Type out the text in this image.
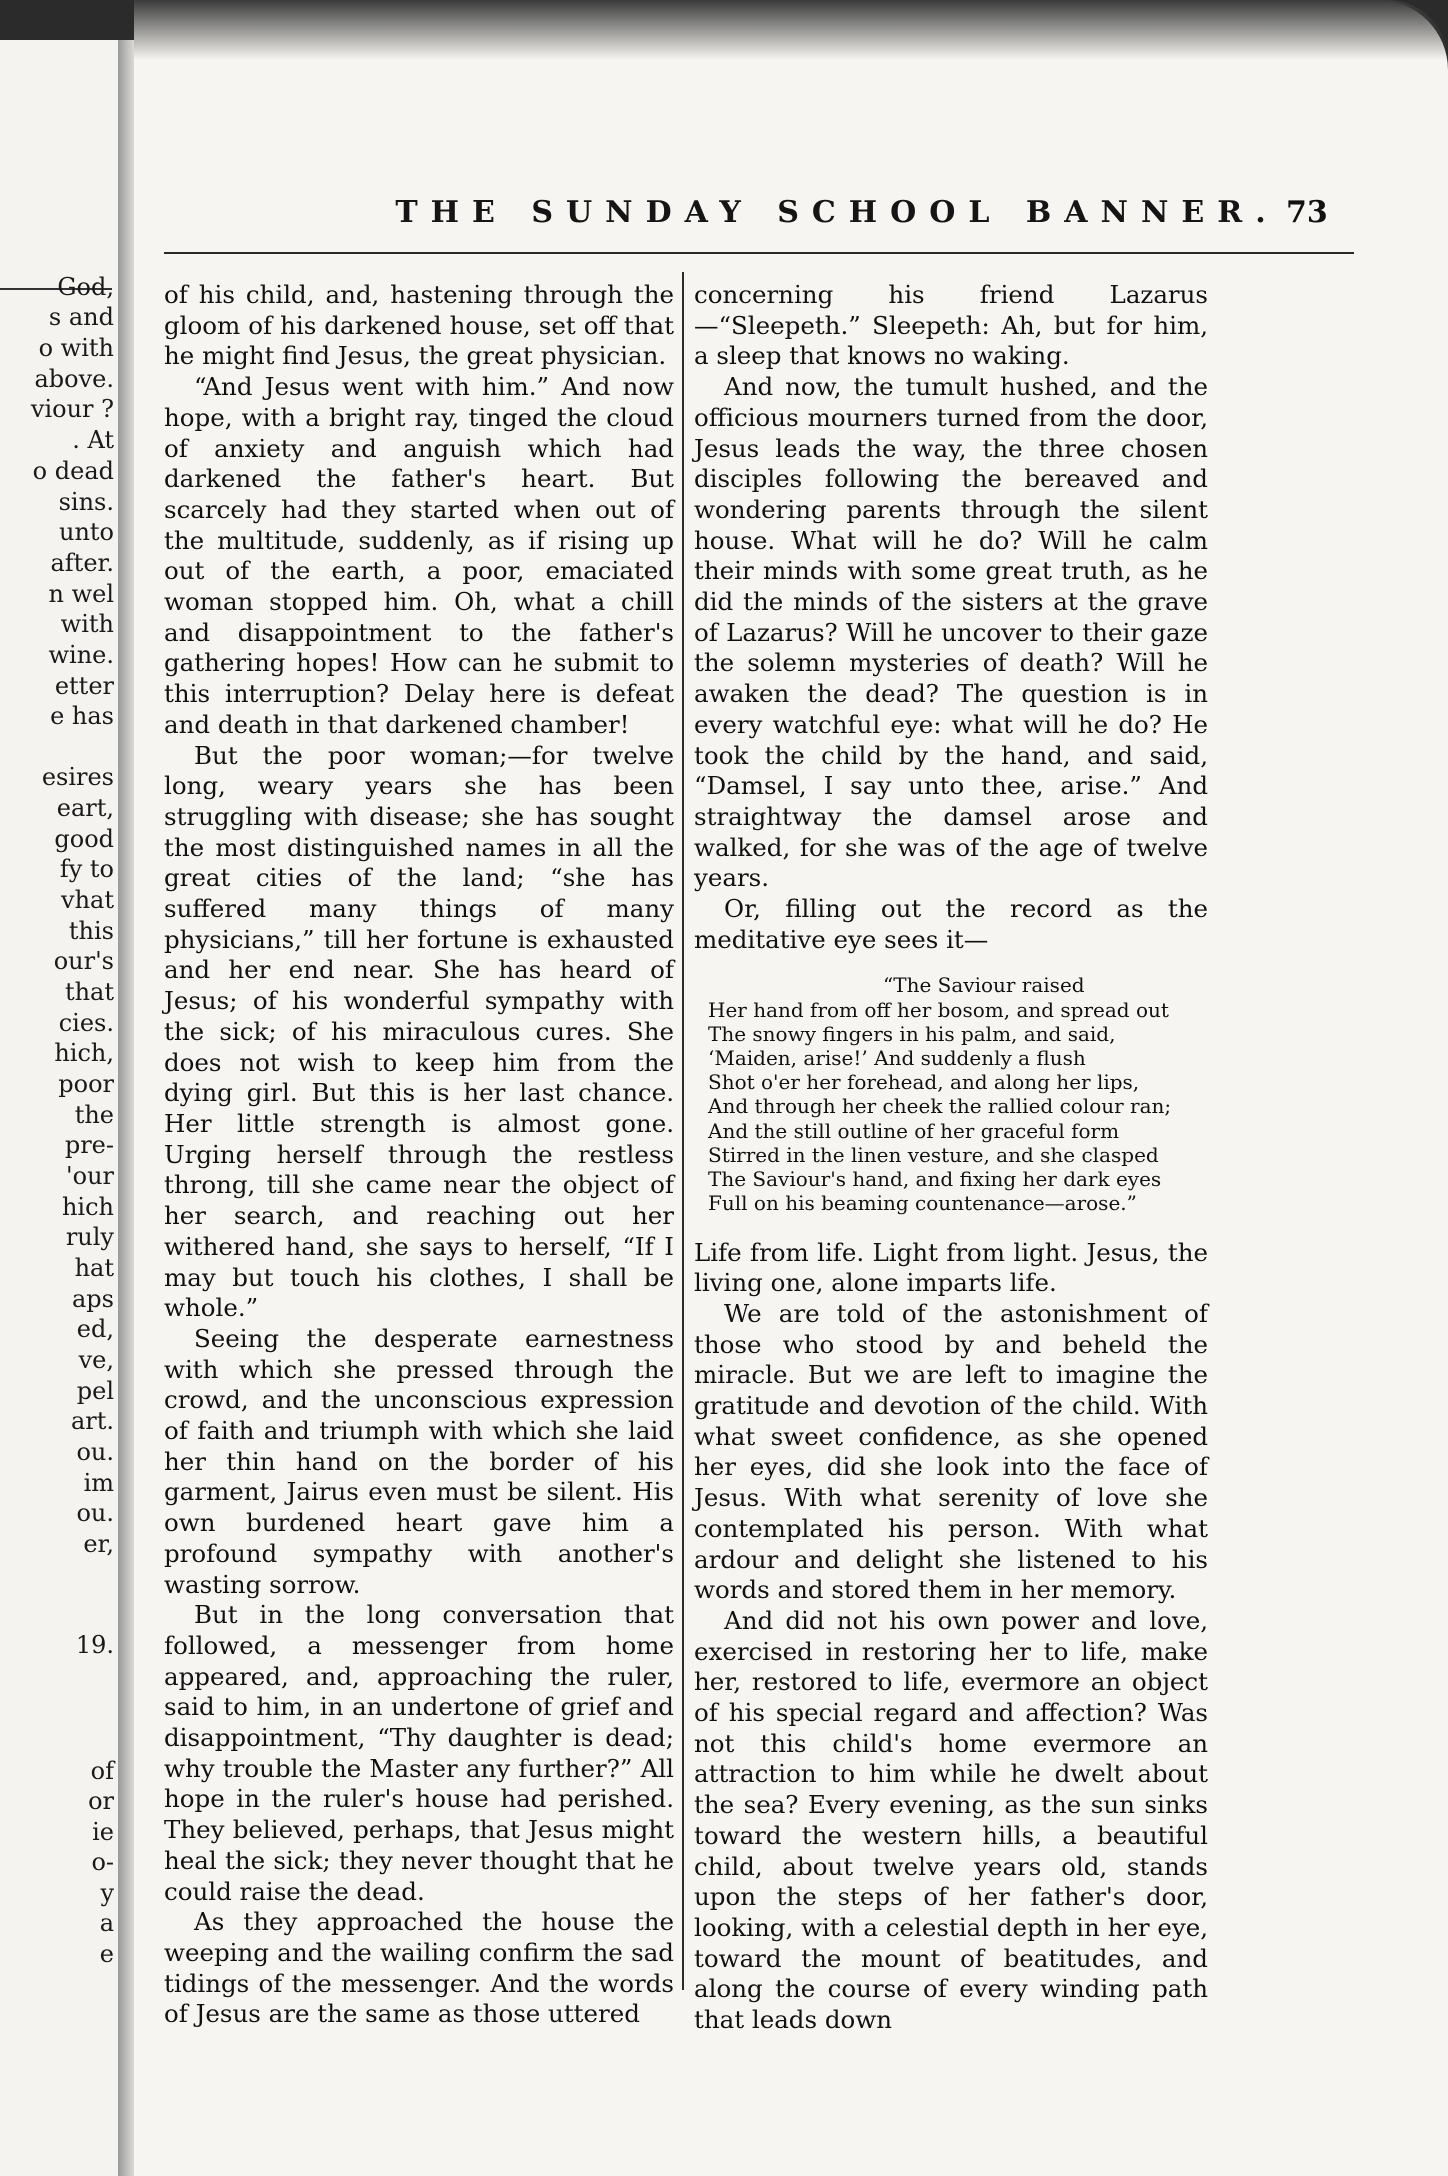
God,
s and
o with
above.
viour ?
. At
o dead
sins.
unto
after.
n wel
with
wine.
etter
e has
esires
eart,
good
fy to
vhat
this
our's
that
cies.
hich,
poor
the
pre-
'our
hich
ruly
hat
aps
ed,
ve,
pel
art.
ou.
im
ou.
er,
19.
of
or
ie
o-
y
a
e
THE SUNDAY SCHOOL BANNER. 73

of his child, and, hastening through the gloom of his darkened house, set off that he might find Jesus, the great physician.

“And Jesus went with him.” And now hope, with a bright ray, tinged the cloud of anxiety and anguish which had darkened the father's heart. But scarcely had they started when out of the multitude, suddenly, as if rising up out of the earth, a poor, emaciated woman stopped him. Oh, what a chill and disappointment to the father's gathering hopes! How can he submit to this interruption? Delay here is defeat and death in that darkened chamber!

But the poor woman;—for twelve long, weary years she has been struggling with disease; she has sought the most distinguished names in all the great cities of the land; “she has suffered many things of many physicians,” till her fortune is exhausted and her end near. She has heard of Jesus; of his wonderful sympathy with the sick; of his miraculous cures. She does not wish to keep him from the dying girl. But this is her last chance. Her little strength is almost gone. Urging herself through the restless throng, till she came near the object of her search, and reaching out her withered hand, she says to herself, “If I may but touch his clothes, I shall be whole.”

Seeing the desperate earnestness with which she pressed through the crowd, and the unconscious expression of faith and triumph with which she laid her thin hand on the border of his garment, Jairus even must be silent. His own burdened heart gave him a profound sympathy with another's wasting sorrow.

But in the long conversation that followed, a messenger from home appeared, and, approaching the ruler, said to him, in an undertone of grief and disappointment, “Thy daughter is dead; why trouble the Master any further?” All hope in the ruler's house had perished. They believed, perhaps, that Jesus might heal the sick; they never thought that he could raise the dead.

As they approached the house the weeping and the wailing confirm the sad tidings of the messenger. And the words of Jesus are the same as those uttered

concerning his friend Lazarus—“Sleepeth.” Sleepeth: Ah, but for him, a sleep that knows no waking.

And now, the tumult hushed, and the officious mourners turned from the door, Jesus leads the way, the three chosen disciples following the bereaved and wondering parents through the silent house. What will he do? Will he calm their minds with some great truth, as he did the minds of the sisters at the grave of Lazarus? Will he uncover to their gaze the solemn mysteries of death? Will he awaken the dead? The question is in every watchful eye: what will he do? He took the child by the hand, and said, “Damsel, I say unto thee, arise.” And straightway the damsel arose and walked, for she was of the age of twelve years.

Or, filling out the record as the meditative eye sees it—

“The Saviour raised
Her hand from off her bosom, and spread out
The snowy fingers in his palm, and said,
‘Maiden, arise!’ And suddenly a flush
Shot o'er her forehead, and along her lips,
And through her cheek the rallied colour ran;
And the still outline of her graceful form
Stirred in the linen vesture, and she clasped
The Saviour's hand, and fixing her dark eyes
Full on his beaming countenance—arose.”

Life from life. Light from light. Jesus, the living one, alone imparts life.

We are told of the astonishment of those who stood by and beheld the miracle. But we are left to imagine the gratitude and devotion of the child. With what sweet confidence, as she opened her eyes, did she look into the face of Jesus. With what serenity of love she contemplated his person. With what ardour and delight she listened to his words and stored them in her memory.

And did not his own power and love, exercised in restoring her to life, make her, restored to life, evermore an object of his special regard and affection? Was not this child's home evermore an attraction to him while he dwelt about the sea? Every evening, as the sun sinks toward the western hills, a beautiful child, about twelve years old, stands upon the steps of her father's door, looking, with a celestial depth in her eye, toward the mount of beatitudes, and along the course of every winding path that leads down
